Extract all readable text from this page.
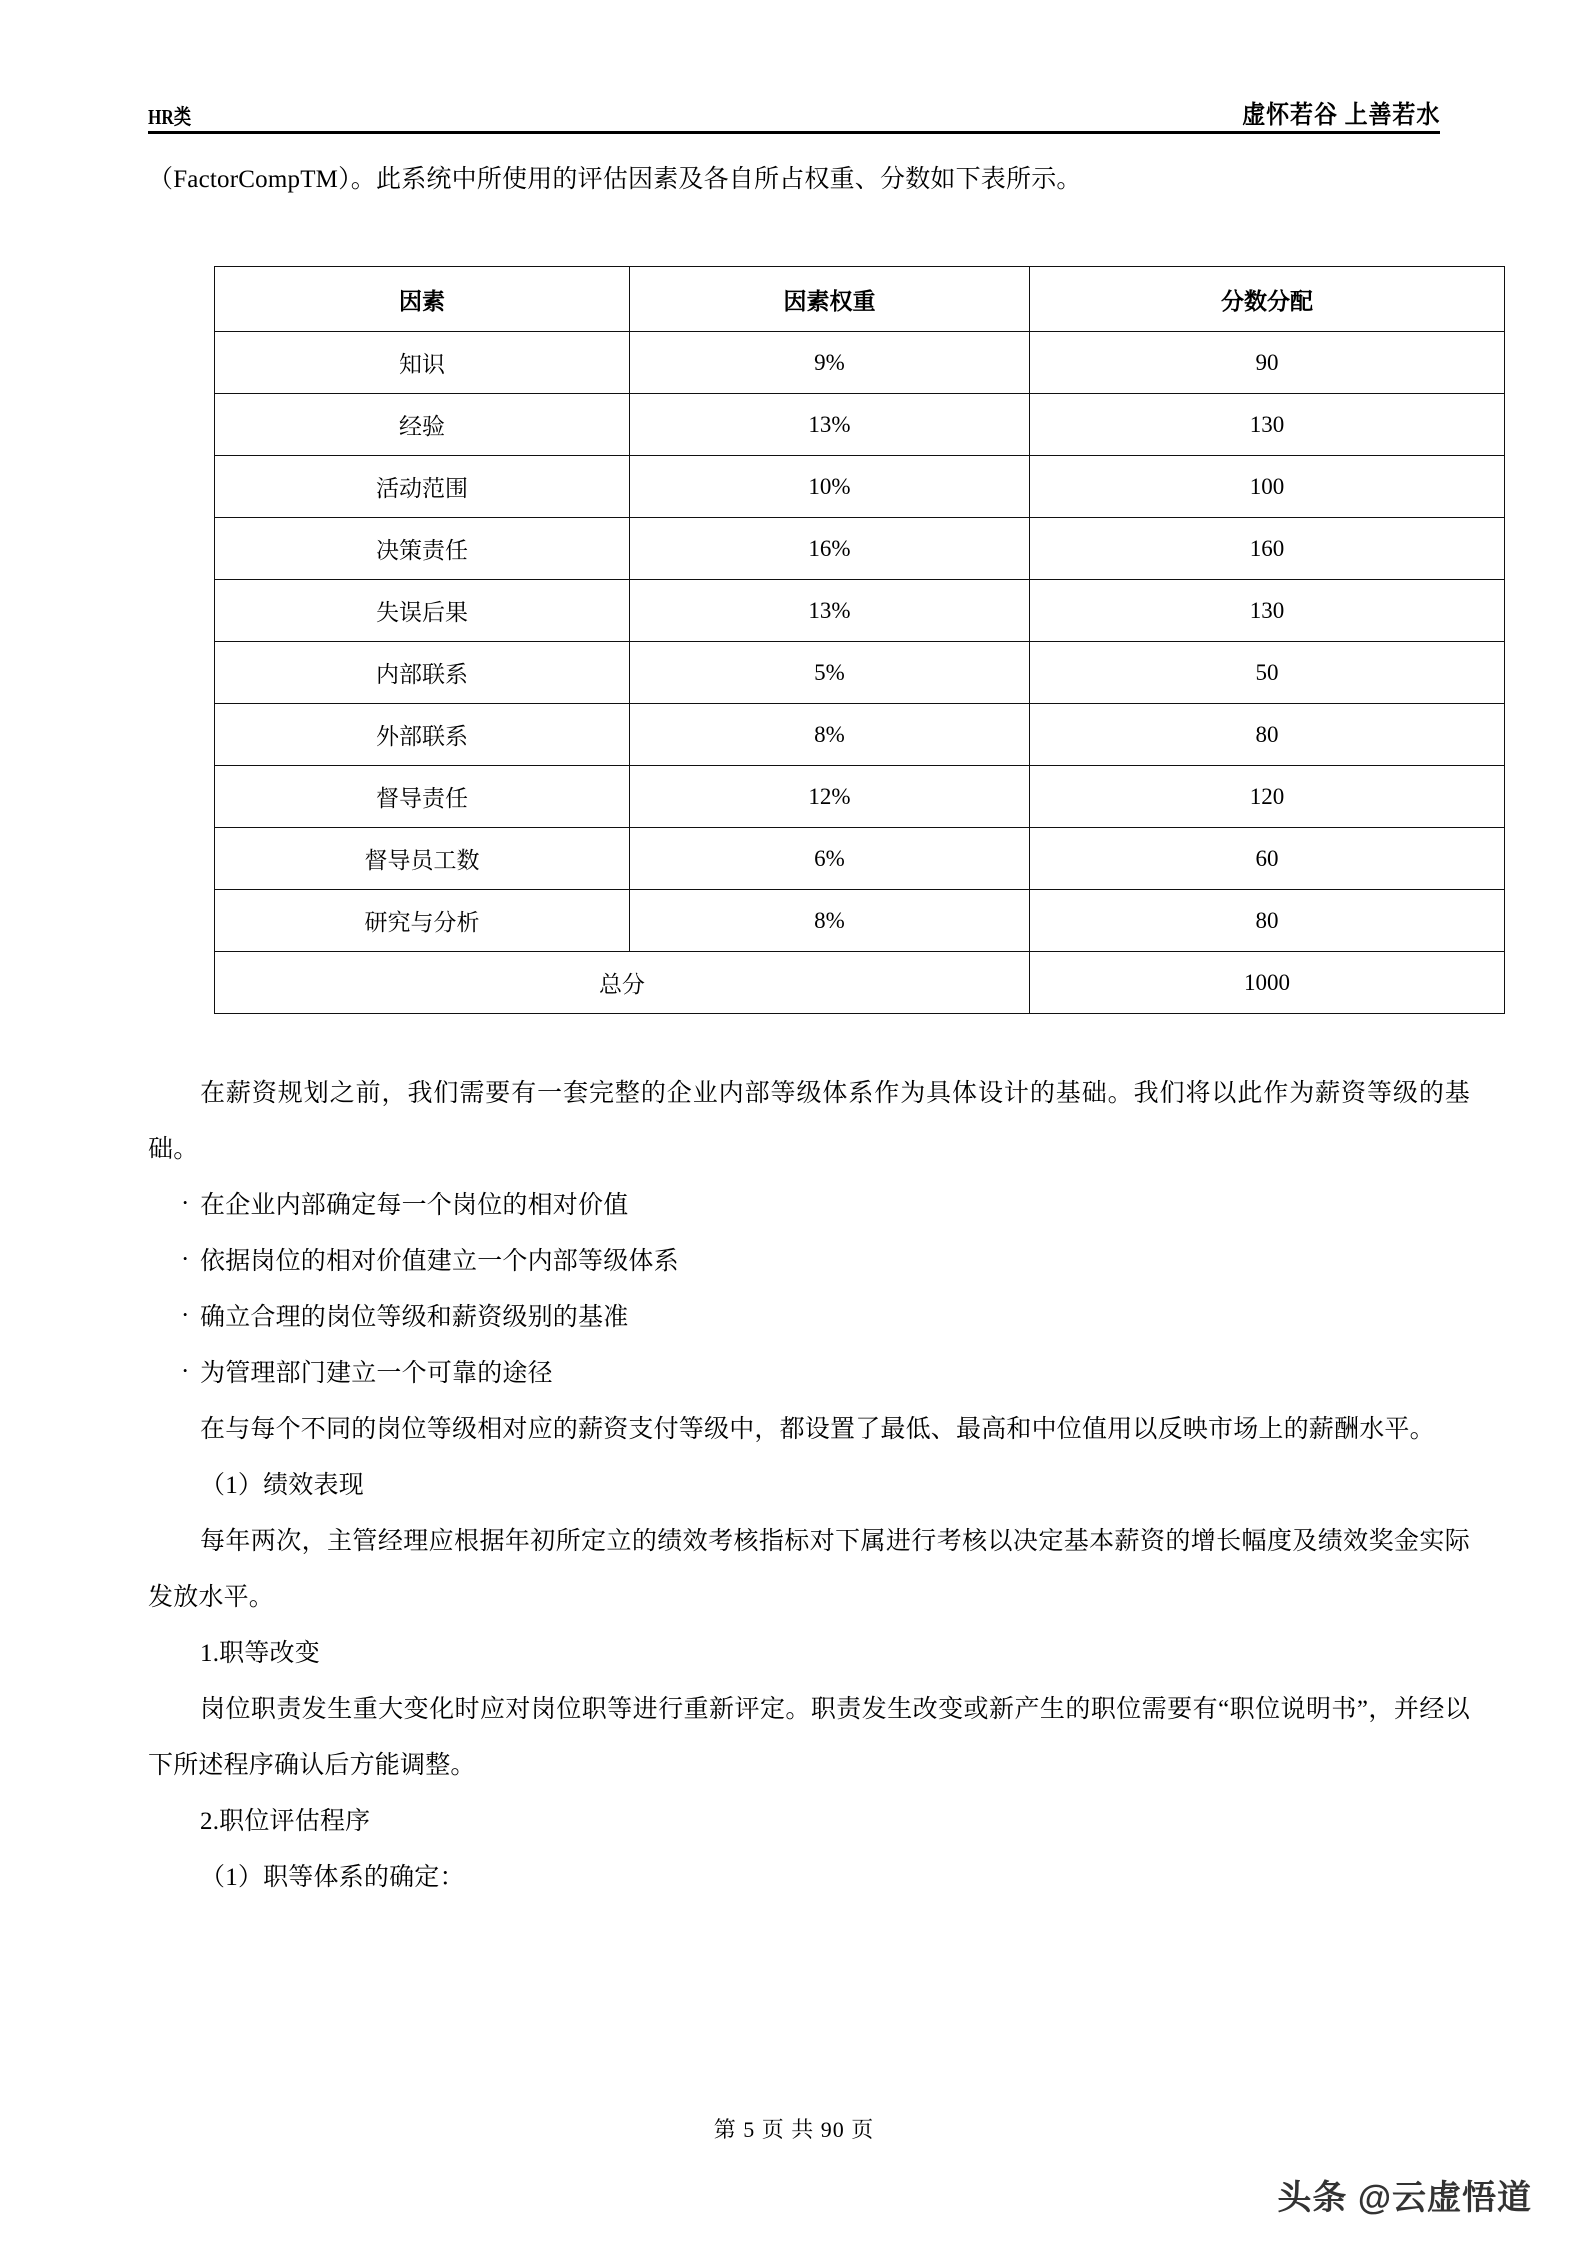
HR类	虚怀若谷 上善若水

（FactorCompTM）。此系统中所使用的评估因素及各自所占权重、分数如下表所示。

因素	因素权重	分数分配
知识	9%	90
经验	13%	130
活动范围	10%	100
决策责任	16%	160
失误后果	13%	130
内部联系	5%	50
外部联系	8%	80
督导责任	12%	120
督导员工数	6%	60
研究与分析	8%	80
总分		1000

在薪资规划之前，我们需要有一套完整的企业内部等级体系作为具体设计的基础。我们将以此作为薪资等级的基础。

· 在企业内部确定每一个岗位的相对价值
· 依据岗位的相对价值建立一个内部等级体系
· 确立合理的岗位等级和薪资级别的基准
· 为管理部门建立一个可靠的途径

在与每个不同的岗位等级相对应的薪资支付等级中，都设置了最低、最高和中位值用以反映市场上的薪酬水平。

（1）绩效表现

每年两次，主管经理应根据年初所定立的绩效考核指标对下属进行考核以决定基本薪资的增长幅度及绩效奖金实际发放水平。

1.职等改变

岗位职责发生重大变化时应对岗位职等进行重新评定。职责发生改变或新产生的职位需要有“职位说明书”，并经以下所述程序确认后方能调整。

2.职位评估程序

（1）职等体系的确定：

第 5 页 共 90 页
头条 @云虚悟道
